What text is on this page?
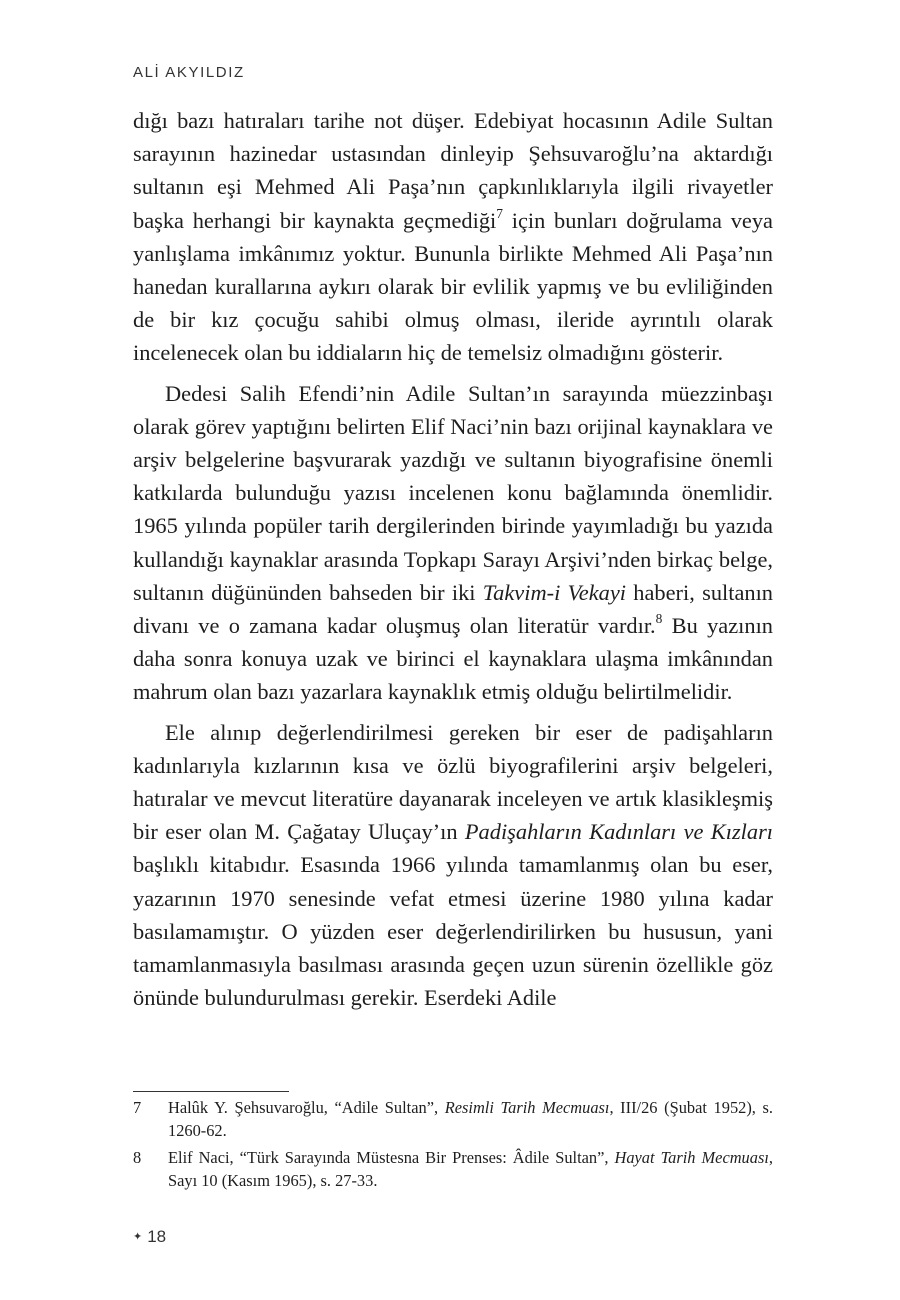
ALİ AKYILDIZ

dığı bazı hatıraları tarihe not düşer. Edebiyat hocasının Adile Sultan sarayının hazinedar ustasından dinleyip Şehsuvaroğlu’na aktardığı sultanın eşi Mehmed Ali Paşa’nın çapkınlıklarıyla ilgili rivayetler başka herhangi bir kaynakta geçmediği$^7$ için bunları doğrulama veya yanlışlama imkânımız yoktur. Bununla birlikte Mehmed Ali Paşa’nın hanedan kurallarına aykırı olarak bir evlilik yapmış ve bu evliliğinden de bir kız çocuğu sahibi olmuş olması, ileride ayrıntılı olarak incelenecek olan bu iddiaların hiç de temelsiz olmadığını gösterir.

Dedesi Salih Efendi’nin Adile Sultan’ın sarayında müezzinbaşı olarak görev yaptığını belirten Elif Naci’nin bazı orijinal kaynaklara ve arşiv belgelerine başvurarak yazdığı ve sultanın biyografisine önemli katkılarda bulunduğu yazısı incelenen konu bağlamında önemlidir. 1965 yılında popüler tarih dergilerinden birinde yayımladığı bu yazıda kullandığı kaynaklar arasında Topkapı Sarayı Arşivi’nden birkaç belge, sultanın düğününden bahseden bir iki Takvim-i Vekayi haberi, sultanın divanı ve o zamana kadar oluşmuş olan literatür vardır.$^8$ Bu yazının daha sonra konuya uzak ve birinci el kaynaklara ulaşma imkânından mahrum olan bazı yazarlara kaynaklık etmiş olduğu belirtilmelidir.

Ele alınıp değerlendirilmesi gereken bir eser de padişahların kadınlarıyla kızlarının kısa ve özlü biyografilerini arşiv belgeleri, hatıralar ve mevcut literatüre dayanarak inceleyen ve artık klasikleşmiş bir eser olan M. Çağatay Uluçay’ın Padişahların Kadınları ve Kızları başlıklı kitabıdır. Esasında 1966 yılında tamamlanmış olan bu eser, yazarının 1970 senesinde vefat etmesi üzerine 1980 yılına kadar basılamamıştır. O yüzden eser değerlendirilirken bu hususun, yani tamamlanmasıyla basılması arasında geçen uzun sürenin özellikle göz önünde bulundurulması gerekir. Eserdeki Adile

7	Halûk Y. Şehsuvaroğlu, “Adile Sultan”, Resimli Tarih Mecmuası, III/26 (Şubat 1952), s. 1260-62.
8	Elif Naci, “Türk Sarayında Müstesna Bir Prenses: Âdile Sultan”, Hayat Tarih Mecmuası, Sayı 10 (Kasım 1965), s. 27-33.
✦ 18
